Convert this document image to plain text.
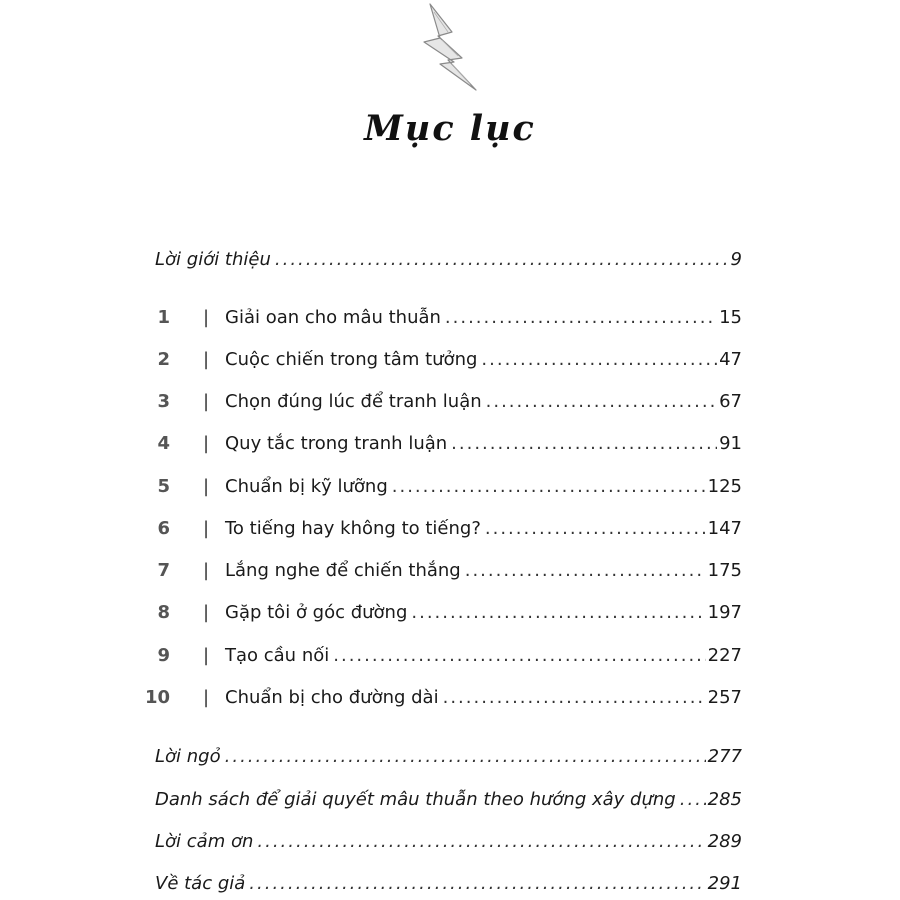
Mục lục
Lời giới thiệu .....	9
1 | Giải oan cho mâu thuẫn .....	15
2 | Cuộc chiến trong tâm tưởng .....	47
3 | Chọn đúng lúc để tranh luận .....	67
4 | Quy tắc trong tranh luận .....	91
5 | Chuẩn bị kỹ lưỡng .....	125
6 | To tiếng hay không to tiếng? .....	147
7 | Lắng nghe để chiến thắng .....	175
8 | Gặp tôi ở góc đường .....	197
9 | Tạo cầu nối .....	227
10 | Chuẩn bị cho đường dài .....	257
Lời ngỏ .....	277
Danh sách để giải quyết mâu thuẫn theo hướng xây dựng ..... 285
Lời cảm ơn .....	289
Về tác giả .....	291
